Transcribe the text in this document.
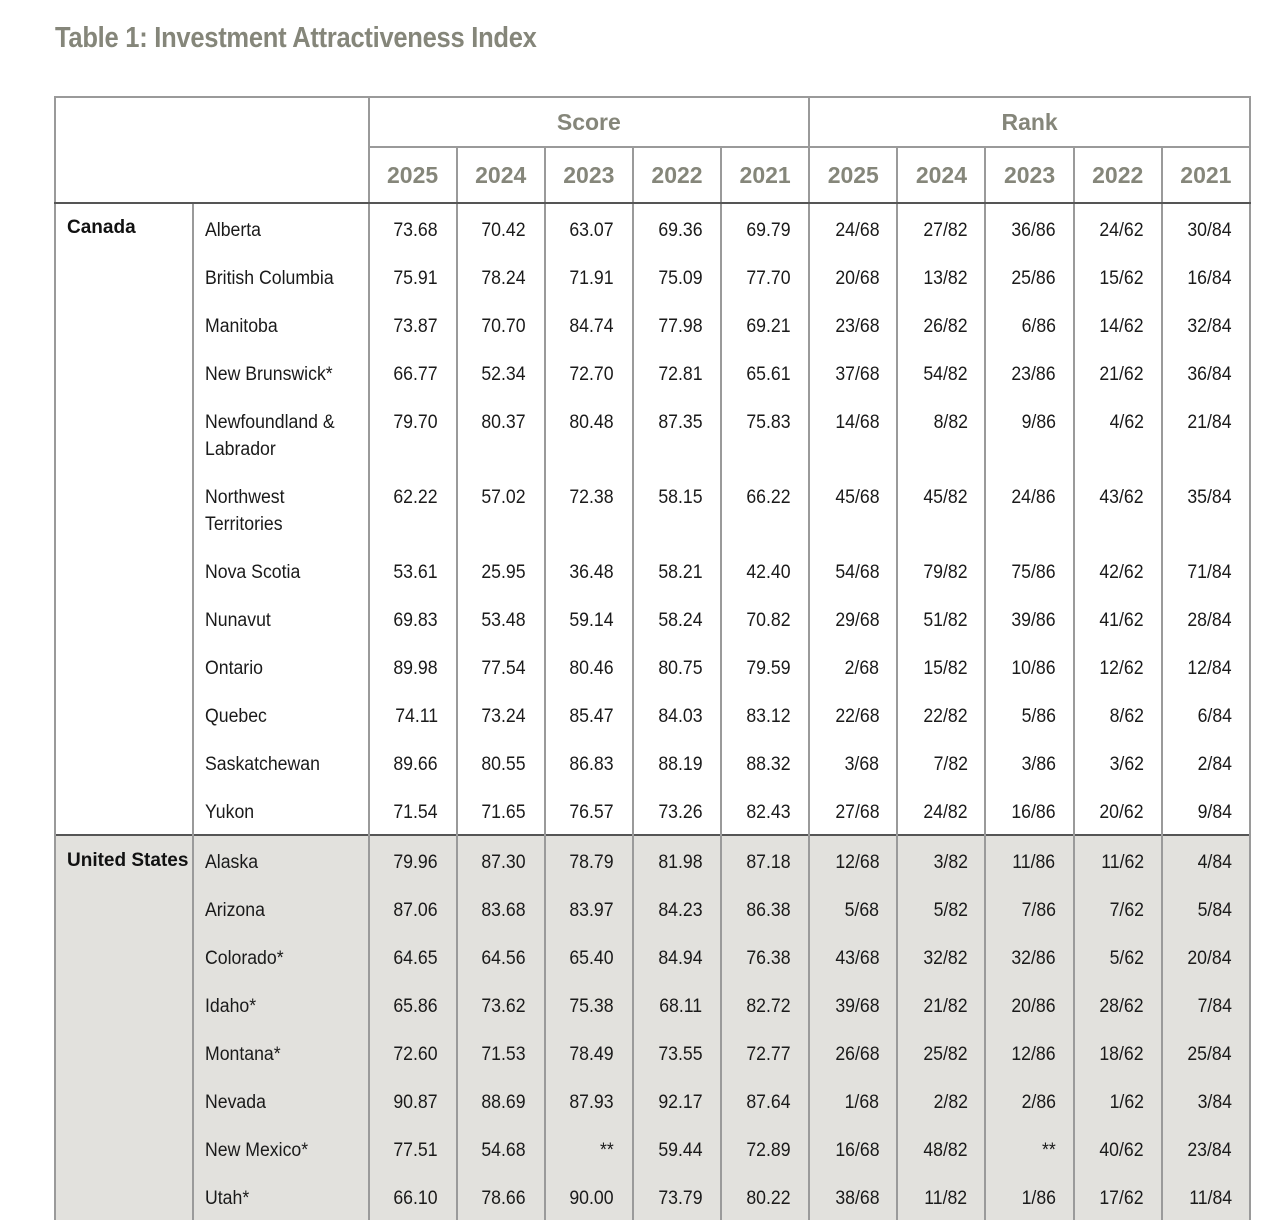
Table 1: Investment Attractiveness Index
		Score					Rank				
		2025	2024	2023	2022	2021	2025	2024	2023	2022	2021
Canada	Alberta	73.68	70.42	63.07	69.36	69.79	24/68	27/82	36/86	24/62	30/84
	British Columbia	75.91	78.24	71.91	75.09	77.70	20/68	13/82	25/86	15/62	16/84
	Manitoba	73.87	70.70	84.74	77.98	69.21	23/68	26/82	6/86	14/62	32/84
	New Brunswick*	66.77	52.34	72.70	72.81	65.61	37/68	54/82	23/86	21/62	36/84
	Newfoundland & Labrador	79.70	80.37	80.48	87.35	75.83	14/68	8/82	9/86	4/62	21/84
	Northwest Territories	62.22	57.02	72.38	58.15	66.22	45/68	45/82	24/86	43/62	35/84
	Nova Scotia	53.61	25.95	36.48	58.21	42.40	54/68	79/82	75/86	42/62	71/84
	Nunavut	69.83	53.48	59.14	58.24	70.82	29/68	51/82	39/86	41/62	28/84
	Ontario	89.98	77.54	80.46	80.75	79.59	2/68	15/82	10/86	12/62	12/84
	Quebec	74.11	73.24	85.47	84.03	83.12	22/68	22/82	5/86	8/62	6/84
	Saskatchewan	89.66	80.55	86.83	88.19	88.32	3/68	7/82	3/86	3/62	2/84
	Yukon	71.54	71.65	76.57	73.26	82.43	27/68	24/82	16/86	20/62	9/84
United States	Alaska	79.96	87.30	78.79	81.98	87.18	12/68	3/82	11/86	11/62	4/84
	Arizona	87.06	83.68	83.97	84.23	86.38	5/68	5/82	7/86	7/62	5/84
	Colorado*	64.65	64.56	65.40	84.94	76.38	43/68	32/82	32/86	5/62	20/84
	Idaho*	65.86	73.62	75.38	68.11	82.72	39/68	21/82	20/86	28/62	7/84
	Montana*	72.60	71.53	78.49	73.55	72.77	26/68	25/82	12/86	18/62	25/84
	Nevada	90.87	88.69	87.93	92.17	87.64	1/68	2/82	2/86	1/62	3/84
	New Mexico*	77.51	54.68	**	59.44	72.89	16/68	48/82	**	40/62	23/84
	Utah*	66.10	78.66	90.00	73.79	80.22	38/68	11/82	1/86	17/62	11/84
